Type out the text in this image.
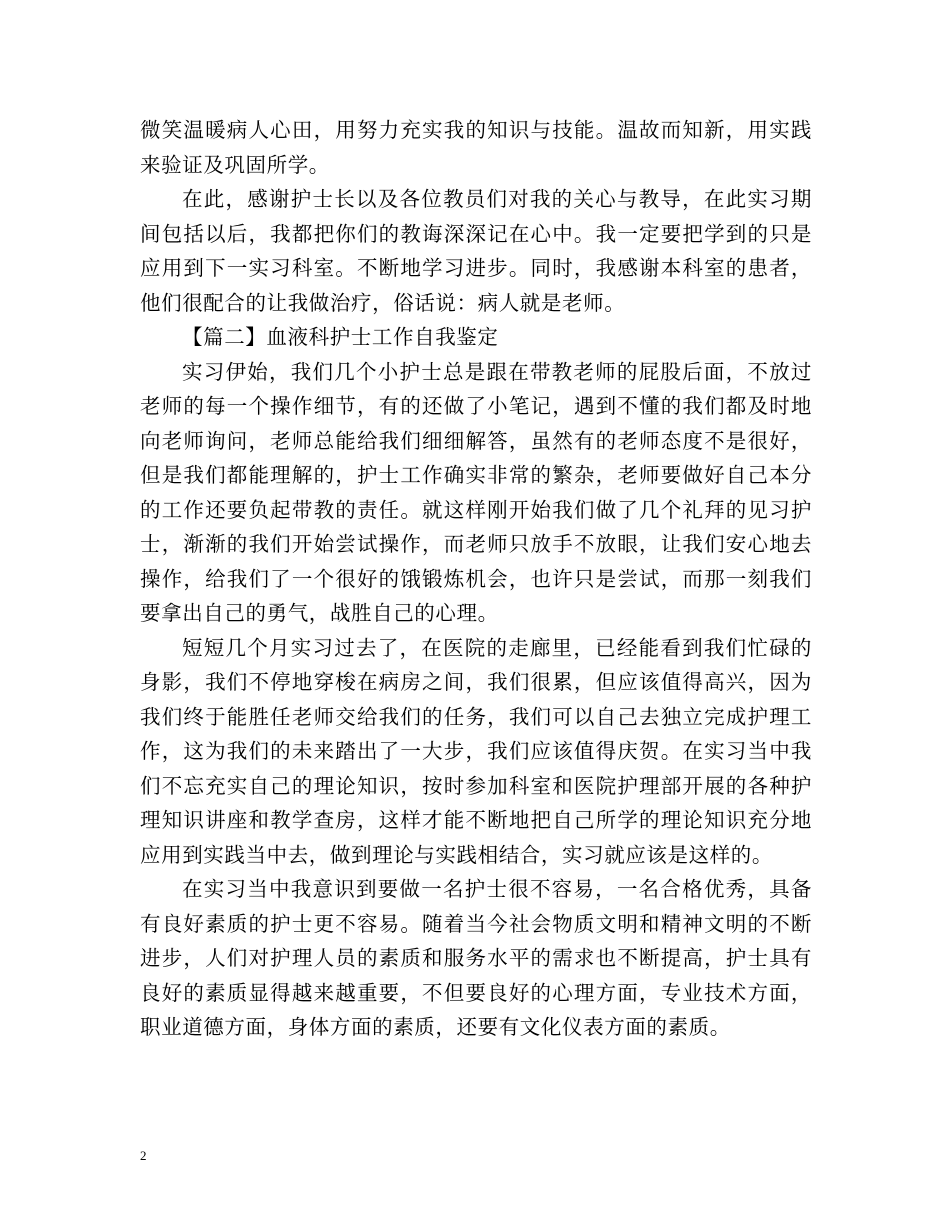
微笑温暖病人心田，用努力充实我的知识与技能。温故而知新，用实践来验证及巩固所学。

在此，感谢护士长以及各位教员们对我的关心与教导，在此实习期间包括以后，我都把你们的教诲深深记在心中。我一定要把学到的只是应用到下一实习科室。不断地学习进步。同时，我感谢本科室的患者，他们很配合的让我做治疗，俗话说：病人就是老师。

【篇二】血液科护士工作自我鉴定

实习伊始，我们几个小护士总是跟在带教老师的屁股后面，不放过老师的每一个操作细节，有的还做了小笔记，遇到不懂的我们都及时地向老师询问，老师总能给我们细细解答，虽然有的老师态度不是很好，但是我们都能理解的，护士工作确实非常的繁杂，老师要做好自己本分的工作还要负起带教的责任。就这样刚开始我们做了几个礼拜的见习护士，渐渐的我们开始尝试操作，而老师只放手不放眼，让我们安心地去操作，给我们了一个很好的饿锻炼机会，也许只是尝试，而那一刻我们要拿出自己的勇气，战胜自己的心理。

短短几个月实习过去了，在医院的走廊里，已经能看到我们忙碌的身影，我们不停地穿梭在病房之间，我们很累，但应该值得高兴，因为我们终于能胜任老师交给我们的任务，我们可以自己去独立完成护理工作，这为我们的未来踏出了一大步，我们应该值得庆贺。在实习当中我们不忘充实自己的理论知识，按时参加科室和医院护理部开展的各种护理知识讲座和教学查房，这样才能不断地把自己所学的理论知识充分地应用到实践当中去，做到理论与实践相结合，实习就应该是这样的。

在实习当中我意识到要做一名护士很不容易，一名合格优秀，具备有良好素质的护士更不容易。随着当今社会物质文明和精神文明的不断进步，人们对护理人员的素质和服务水平的需求也不断提高，护士具有良好的素质显得越来越重要，不但要良好的心理方面，专业技术方面，职业道德方面，身体方面的素质，还要有文化仪表方面的素质。

2
